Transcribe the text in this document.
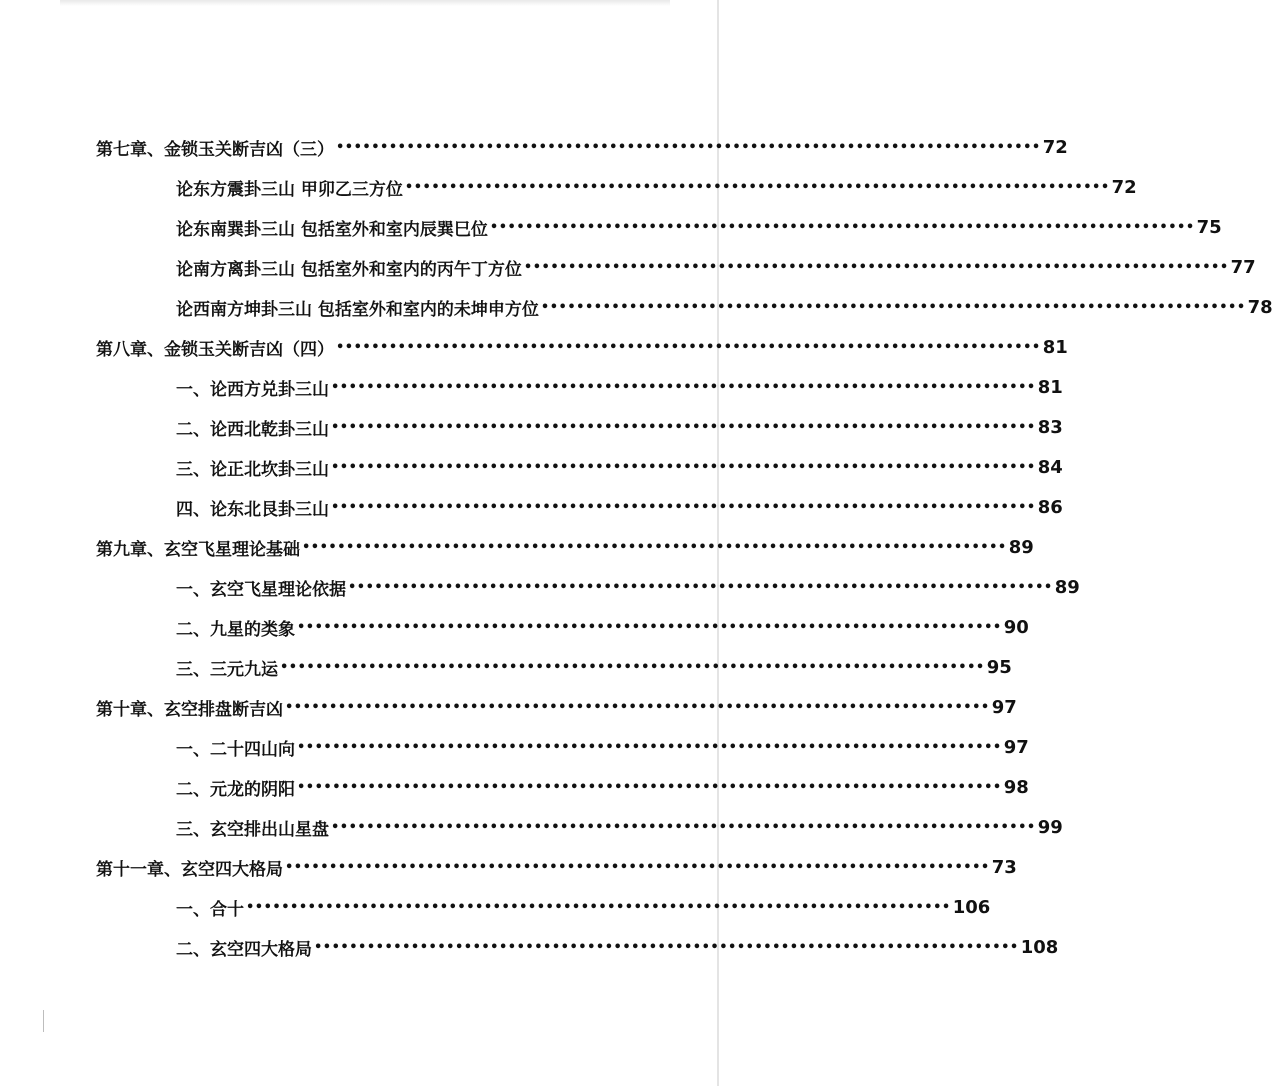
第七章、金锁玉关断吉凶（三） •••••••••••••••••••••••••••••••••••••••••••••••••••••••••••••••••••••••••••••••• 72
论东方震卦三山 甲卯乙三方位 •••••••••••••••••••••••••••••••••••••••••••••••••••••••••••••••••••••••••••••••• 72
论东南巽卦三山 包括室外和室内辰巽巳位 •••••••••••••••••••••••••••••••••••••••••••••••••••••••••••••••••••••••••••••••• 75
论南方离卦三山 包括室外和室内的丙午丁方位 •••••••••••••••••••••••••••••••••••••••••••••••••••••••••••••••••••••••••••••••• 77
论西南方坤卦三山 包括室外和室内的未坤申方位 •••••••••••••••••••••••••••••••••••••••••••••••••••••••••••••••••••••••••••••••• 78
第八章、金锁玉关断吉凶（四） •••••••••••••••••••••••••••••••••••••••••••••••••••••••••••••••••••••••••••••••• 81
一、论西方兑卦三山 •••••••••••••••••••••••••••••••••••••••••••••••••••••••••••••••••••••••••••••••• 81
二、论西北乾卦三山 •••••••••••••••••••••••••••••••••••••••••••••••••••••••••••••••••••••••••••••••• 83
三、论正北坎卦三山 •••••••••••••••••••••••••••••••••••••••••••••••••••••••••••••••••••••••••••••••• 84
四、论东北艮卦三山 •••••••••••••••••••••••••••••••••••••••••••••••••••••••••••••••••••••••••••••••• 86
第九章、玄空飞星理论基础 •••••••••••••••••••••••••••••••••••••••••••••••••••••••••••••••••••••••••••••••• 89
一、玄空飞星理论依据 •••••••••••••••••••••••••••••••••••••••••••••••••••••••••••••••••••••••••••••••• 89
二、九星的类象 •••••••••••••••••••••••••••••••••••••••••••••••••••••••••••••••••••••••••••••••• 90
三、三元九运 •••••••••••••••••••••••••••••••••••••••••••••••••••••••••••••••••••••••••••••••• 95
第十章、玄空排盘断吉凶 •••••••••••••••••••••••••••••••••••••••••••••••••••••••••••••••••••••••••••••••• 97
一、二十四山向 •••••••••••••••••••••••••••••••••••••••••••••••••••••••••••••••••••••••••••••••• 97
二、元龙的阴阳 •••••••••••••••••••••••••••••••••••••••••••••••••••••••••••••••••••••••••••••••• 98
三、玄空排出山星盘 •••••••••••••••••••••••••••••••••••••••••••••••••••••••••••••••••••••••••••••••• 99
第十一章、玄空四大格局 •••••••••••••••••••••••••••••••••••••••••••••••••••••••••••••••••••••••••••••••• 73
一、合十 •••••••••••••••••••••••••••••••••••••••••••••••••••••••••••••••••••••••••••••••• 106
二、玄空四大格局 •••••••••••••••••••••••••••••••••••••••••••••••••••••••••••••••••••••••••••••••• 108
